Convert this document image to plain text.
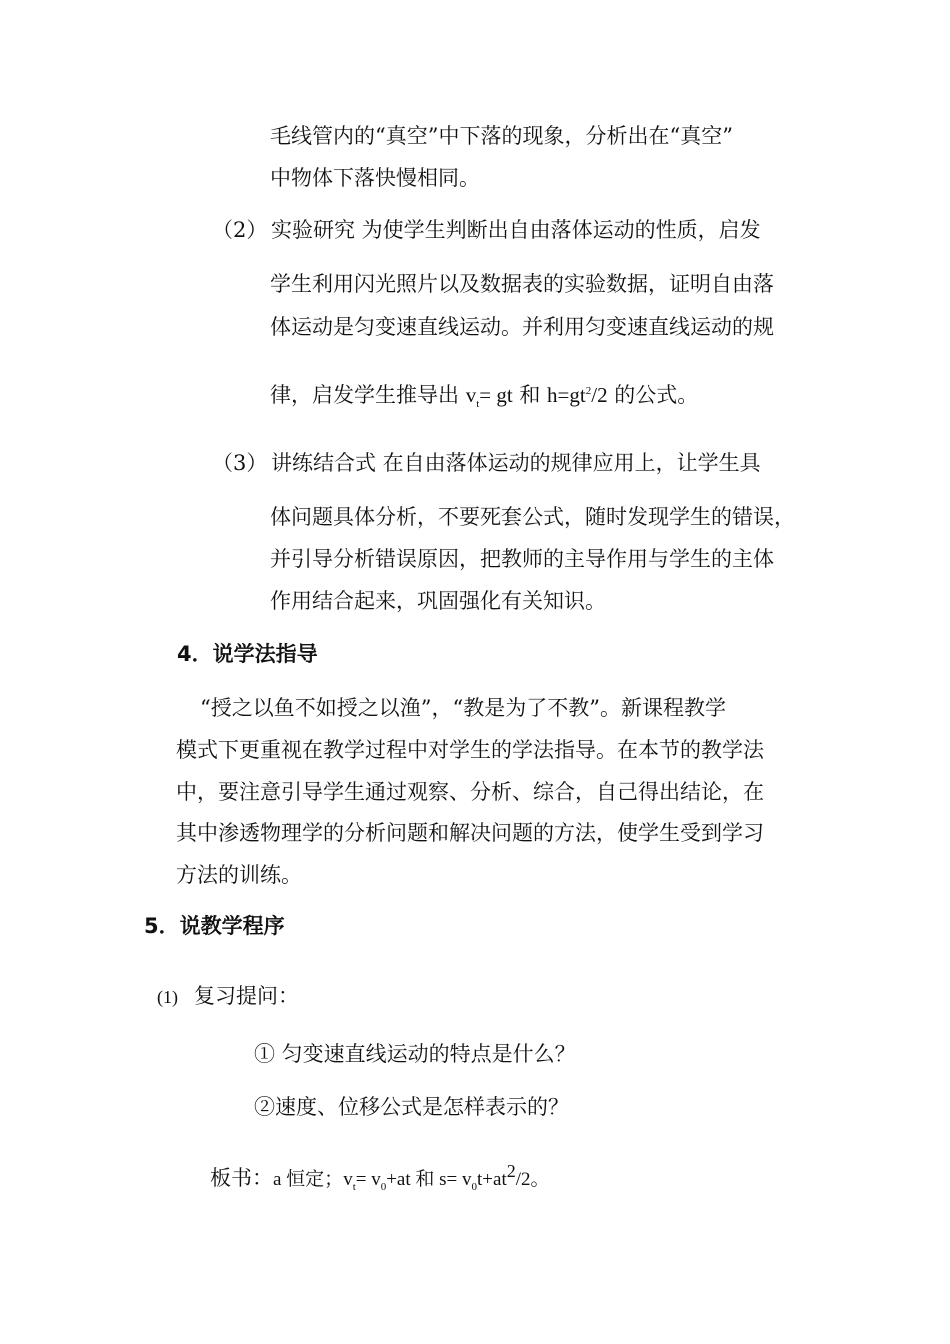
毛线管内的“真空”中下落的现象，分析出在“真空”
中物体下落快慢相同。
（2） 实验研究 为使学生判断出自由落体运动的性质，启发
学生利用闪光照片以及数据表的实验数据，证明自由落
体运动是匀变速直线运动。并利用匀变速直线运动的规
律，启发学生推导出 $v_t=$ gt 和 $h=gt^2/2$ 的公式。
（3） 讲练结合式 在自由落体运动的规律应用上，让学生具
体问题具体分析，不要死套公式，随时发现学生的错误，
并引导分析错误原因，把教师的主导作用与学生的主体
作用结合起来，巩固强化有关知识。
4．说学法指导
“授之以鱼不如授之以渔”，“教是为了不教”。新课程教学
模式下更重视在教学过程中对学生的学法指导。在本节的教学法
中，要注意引导学生通过观察、分析、综合，自己得出结论，在
其中渗透物理学的分析问题和解决问题的方法，使学生受到学习
方法的训练。
5．说教学程序
(1) 复习提问：
① 匀变速直线运动的特点是什么？
②速度、位移公式是怎样表示的？
板书：a 恒定；$v_t= v_0+at$ 和 $s= v_0t+at^2/2$。
